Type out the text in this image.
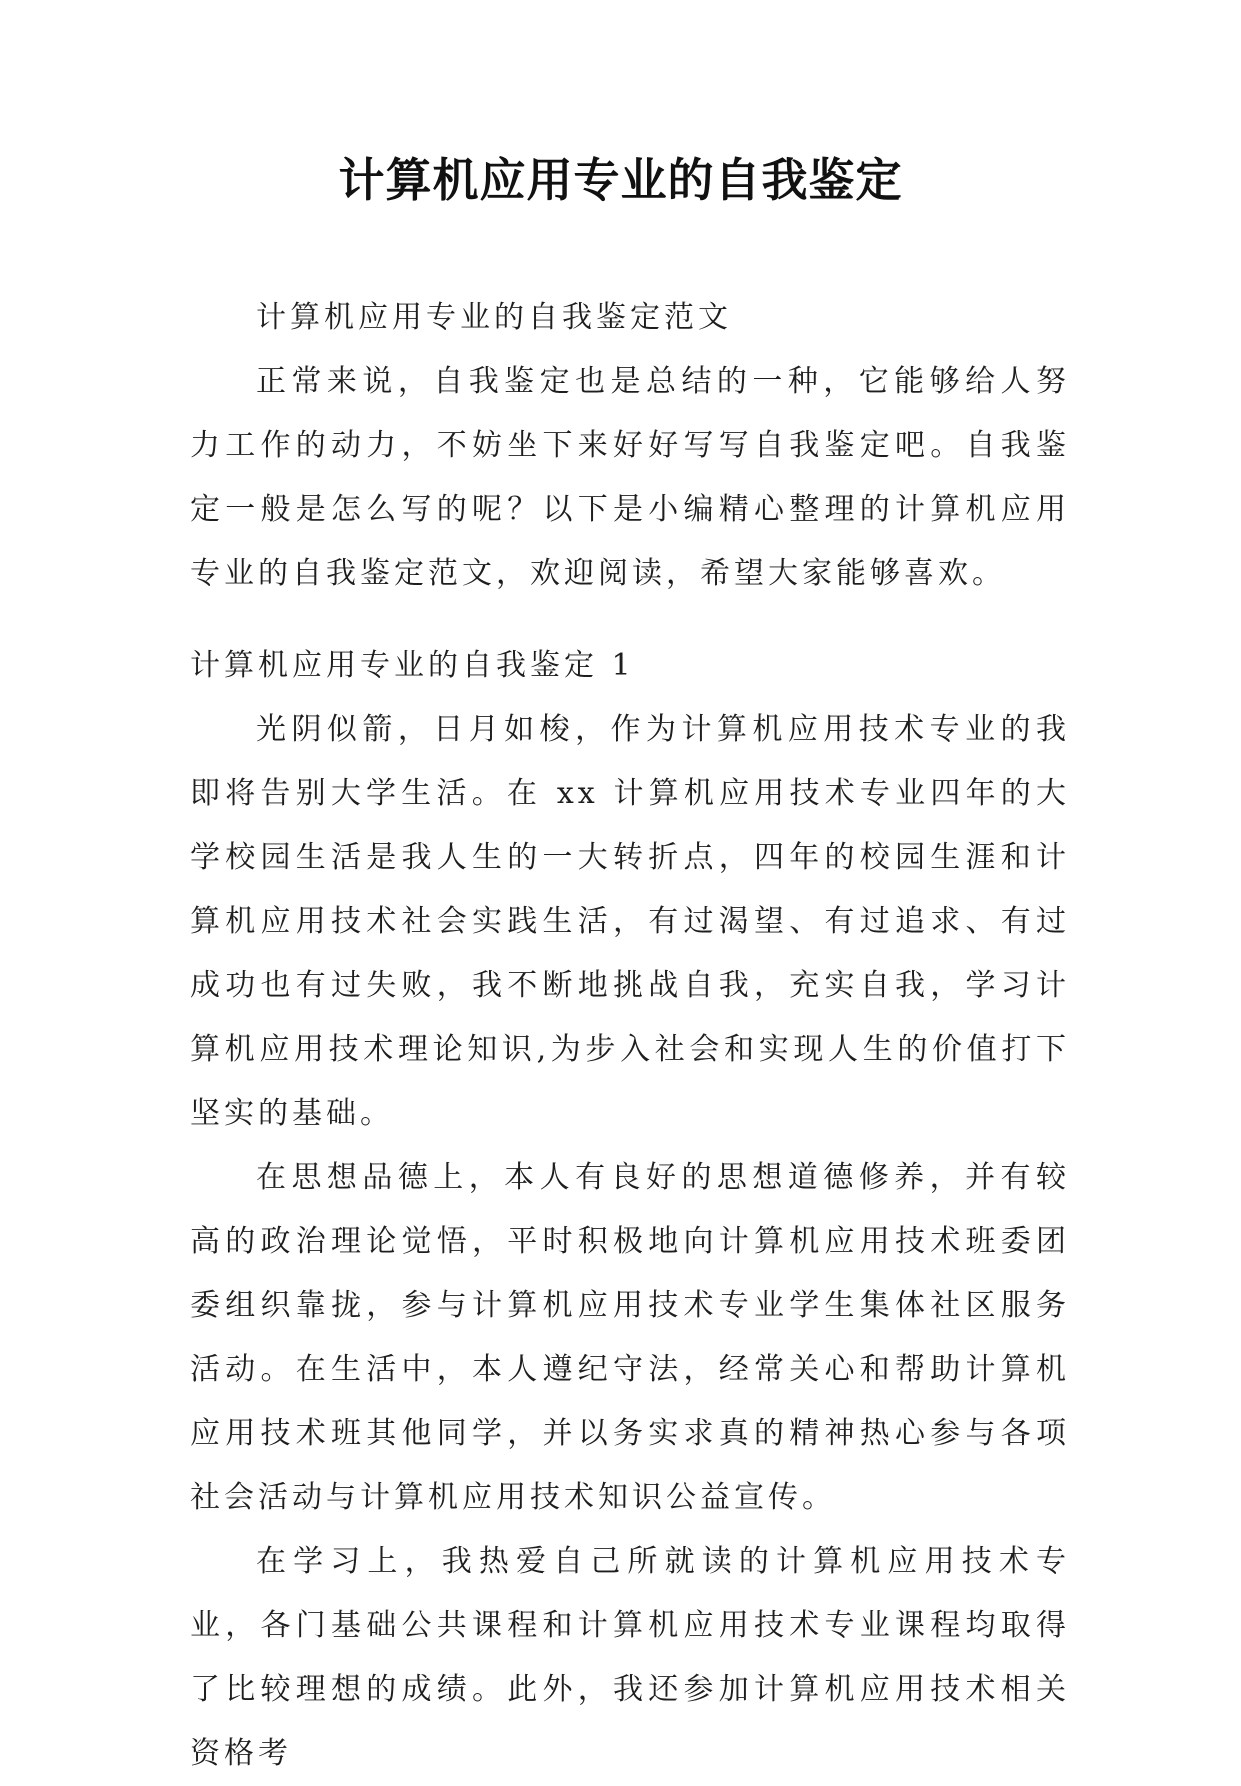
计算机应用专业的自我鉴定

计算机应用专业的自我鉴定范文

正常来说，自我鉴定也是总结的一种，它能够给人努力工作的动力，不妨坐下来好好写写自我鉴定吧。自我鉴定一般是怎么写的呢？以下是小编精心整理的计算机应用专业的自我鉴定范文，欢迎阅读，希望大家能够喜欢。

计算机应用专业的自我鉴定 1

光阴似箭，日月如梭，作为计算机应用技术专业的我即将告别大学生活。在 xx 计算机应用技术专业四年的大学校园生活是我人生的一大转折点，四年的校园生涯和计算机应用技术社会实践生活，有过渴望、有过追求、有过成功也有过失败，我不断地挑战自我，充实自我，学习计算机应用技术理论知识,为步入社会和实现人生的价值打下坚实的基础。

在思想品德上，本人有良好的思想道德修养，并有较高的政治理论觉悟，平时积极地向计算机应用技术班委团委组织靠拢，参与计算机应用技术专业学生集体社区服务活动。在生活中，本人遵纪守法，经常关心和帮助计算机应用技术班其他同学，并以务实求真的精神热心参与各项社会活动与计算机应用技术知识公益宣传。

在学习上，我热爱自己所就读的计算机应用技术专业，各门基础公共课程和计算机应用技术专业课程均取得了比较理想的成绩。此外，我还参加计算机应用技术相关资格考
